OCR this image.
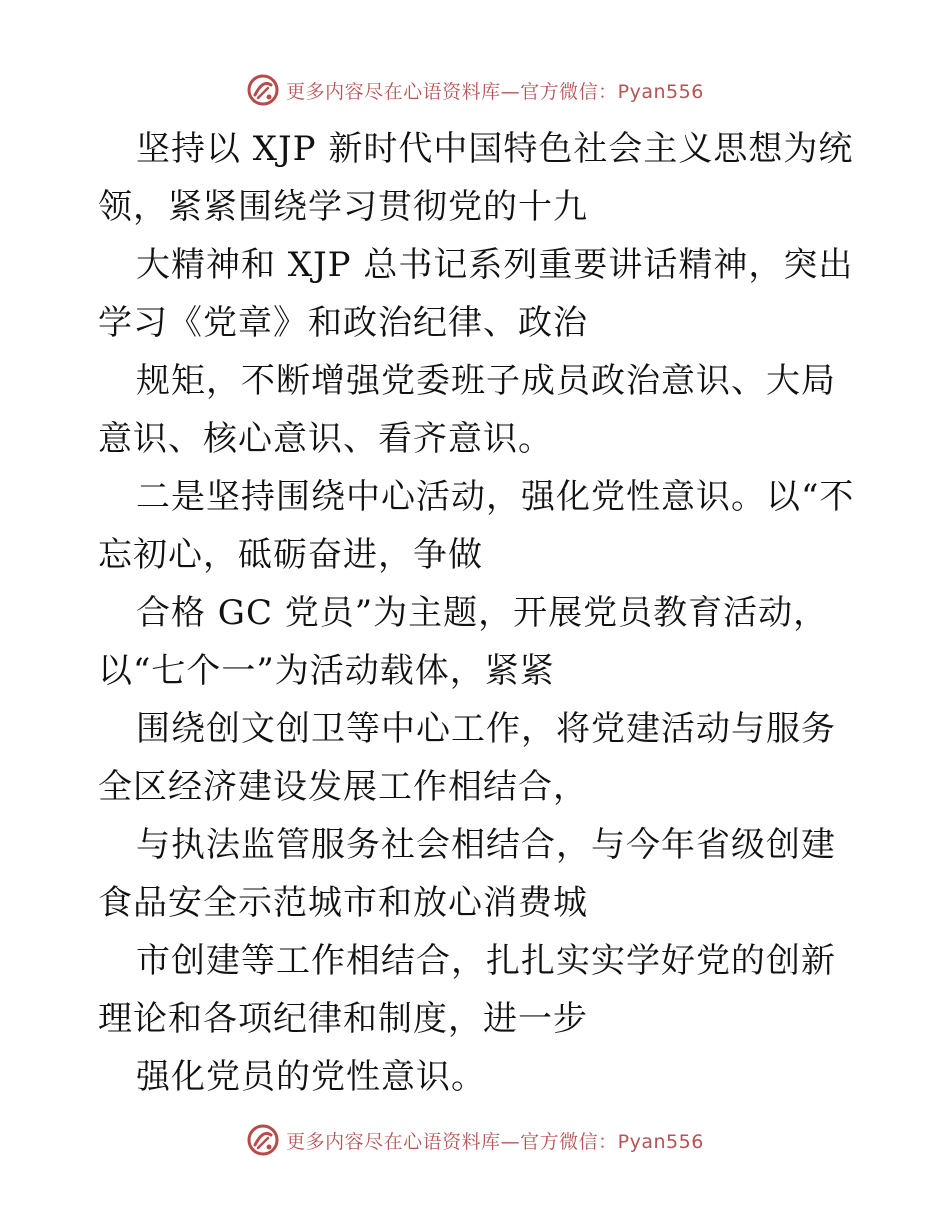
更多内容尽在心语资料库—官方微信：Pyan556

坚持以 XJP 新时代中国特色社会主义思想为统领，紧紧围绕学习贯彻党的十九

大精神和 XJP 总书记系列重要讲话精神，突出学习《党章》和政治纪律、政治

规矩，不断增强党委班子成员政治意识、大局意识、核心意识、看齐意识。

二是坚持围绕中心活动，强化党性意识。以“不忘初心，砥砺奋进，争做

合格 GC 党员”为主题，开展党员教育活动，以“七个一”为活动载体，紧紧

围绕创文创卫等中心工作，将党建活动与服务全区经济建设发展工作相结合，

与执法监管服务社会相结合，与今年省级创建食品安全示范城市和放心消费城

市创建等工作相结合，扎扎实实学好党的创新理论和各项纪律和制度，进一步

强化党员的党性意识。

更多内容尽在心语资料库—官方微信：Pyan556
